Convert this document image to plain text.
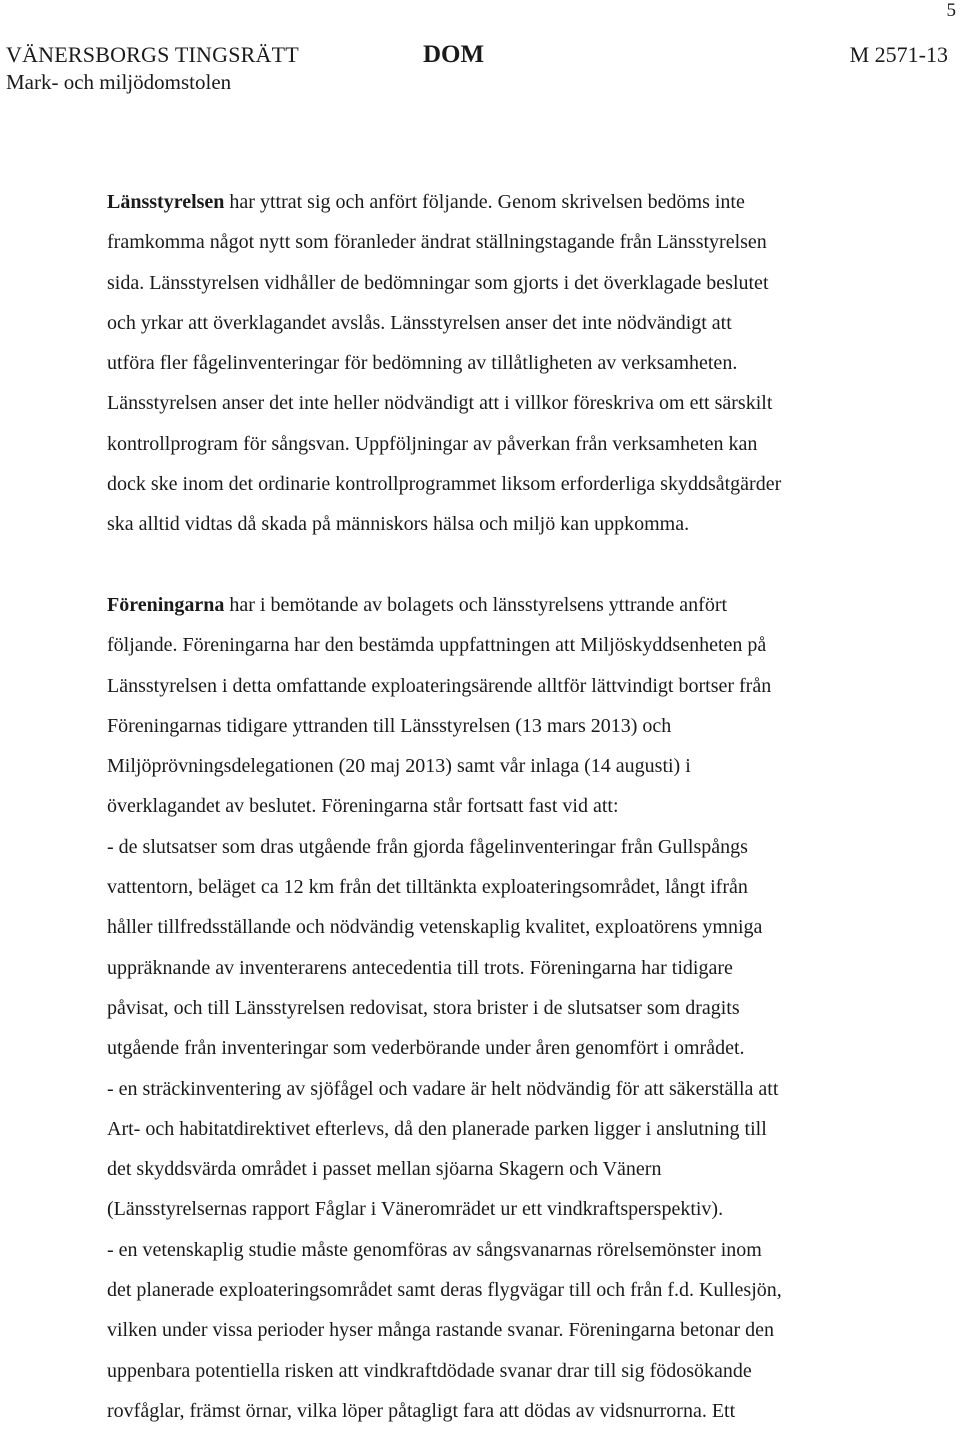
5
VÄNERSBORGS TINGSRÄTT
Mark- och miljödomstolen
DOM	M 2571-13

Länsstyrelsen har yttrat sig och anfört följande. Genom skrivelsen bedöms inte
framkomma något nytt som föranleder ändrat ställningstagande från Länsstyrelsen
sida. Länsstyrelsen vidhåller de bedömningar som gjorts i det överklagade beslutet
och yrkar att överklagandet avslås. Länsstyrelsen anser det inte nödvändigt att
utföra fler fågelinventeringar för bedömning av tillåtligheten av verksamheten.
Länsstyrelsen anser det inte heller nödvändigt att i villkor föreskriva om ett särskilt
kontrollprogram för sångsvan. Uppföljningar av påverkan från verksamheten kan
dock ske inom det ordinarie kontrollprogrammet liksom erforderliga skyddsåtgärder
ska alltid vidtas då skada på människors hälsa och miljö kan uppkomma.

Föreningarna har i bemötande av bolagets och länsstyrelsens yttrande anfört
följande. Föreningarna har den bestämda uppfattningen att Miljöskyddsenheten på
Länsstyrelsen i detta omfattande exploateringsärende alltför lättvindigt bortser från
Föreningarnas tidigare yttranden till Länsstyrelsen (13 mars 2013) och
Miljöprövningsdelegationen (20 maj 2013) samt vår inlaga (14 augusti) i
överklagandet av beslutet. Föreningarna står fortsatt fast vid att:
- de slutsatser som dras utgående från gjorda fågelinventeringar från Gullspångs
vattentorn, beläget ca 12 km från det tilltänkta exploateringsområdet, långt ifrån
håller tillfredsställande och nödvändig vetenskaplig kvalitet, exploatörens ymniga
uppräknande av inventerarens antecedentia till trots. Föreningarna har tidigare
påvisat, och till Länsstyrelsen redovisat, stora brister i de slutsatser som dragits
utgående från inventeringar som vederbörande under åren genomfört i området.
- en sträckinventering av sjöfågel och vadare är helt nödvändig för att säkerställa att
Art- och habitatdirektivet efterlevs, då den planerade parken ligger i anslutning till
det skyddsvärda området i passet mellan sjöarna Skagern och Vänern
(Länsstyrelsernas rapport Fåglar i Väneromrädet ur ett vindkraftsperspektiv).
- en vetenskaplig studie måste genomföras av sångsvanarnas rörelsemönster inom
det planerade exploateringsområdet samt deras flygvägar till och från f.d. Kullesjön,
vilken under vissa perioder hyser många rastande svanar. Föreningarna betonar den
uppenbara potentiella risken att vindkraftdödade svanar drar till sig födosökande
rovfåglar, främst örnar, vilka löper påtagligt fara att dödas av vidsnurrorna. Ett
